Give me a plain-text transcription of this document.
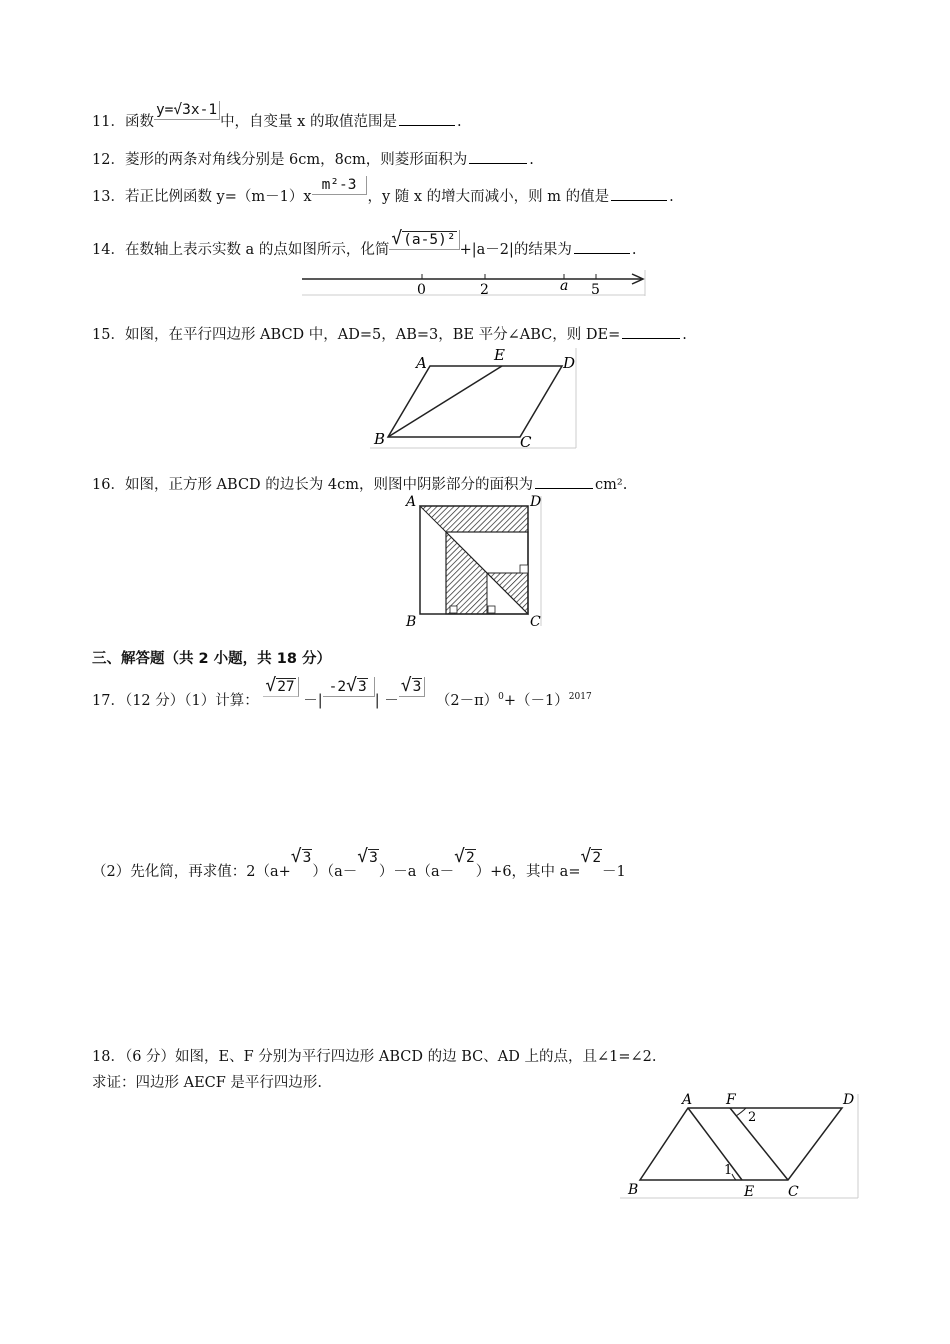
11．函数y=√3x-1中，自变量 x 的取值范围是	.
12．菱形的两条对角线分别是 6cm，8cm，则菱形面积为	.
13．若正比例函数 y=（m－1）xm²-3，y 随 x 的增大而减小，则 m 的值是	.
14．在数轴上表示实数 a 的点如图所示，化简√(a-5)²+|a－2|的结果为	.
0	2	a 5
15．如图，在平行四边形 ABCD 中，AD=5，AB=3，BE 平分∠ABC，则 DE=	.
A	E	D
B	C
16．如图，正方形 ABCD 的边长为 4cm，则图中阴影部分的面积为	cm².
A	D
B	C
三、解答题（共 2 小题，共 18 分）
17．（12 分）（1）计算： √27 －|-2√3| －√3 $(2-\pi)^0+(-1)^{2017}$
（2）先化简，再求值：2（a+√3）（a－√3）－a（a－√2）+6，其中 a=√2－1
18．（6 分）如图，E、F 分别为平行四边形 ABCD 的边 BC、AD 上的点，且∠1=∠2.
求证：四边形 AECF 是平行四边形.
A F
2
D
B
1
E C
